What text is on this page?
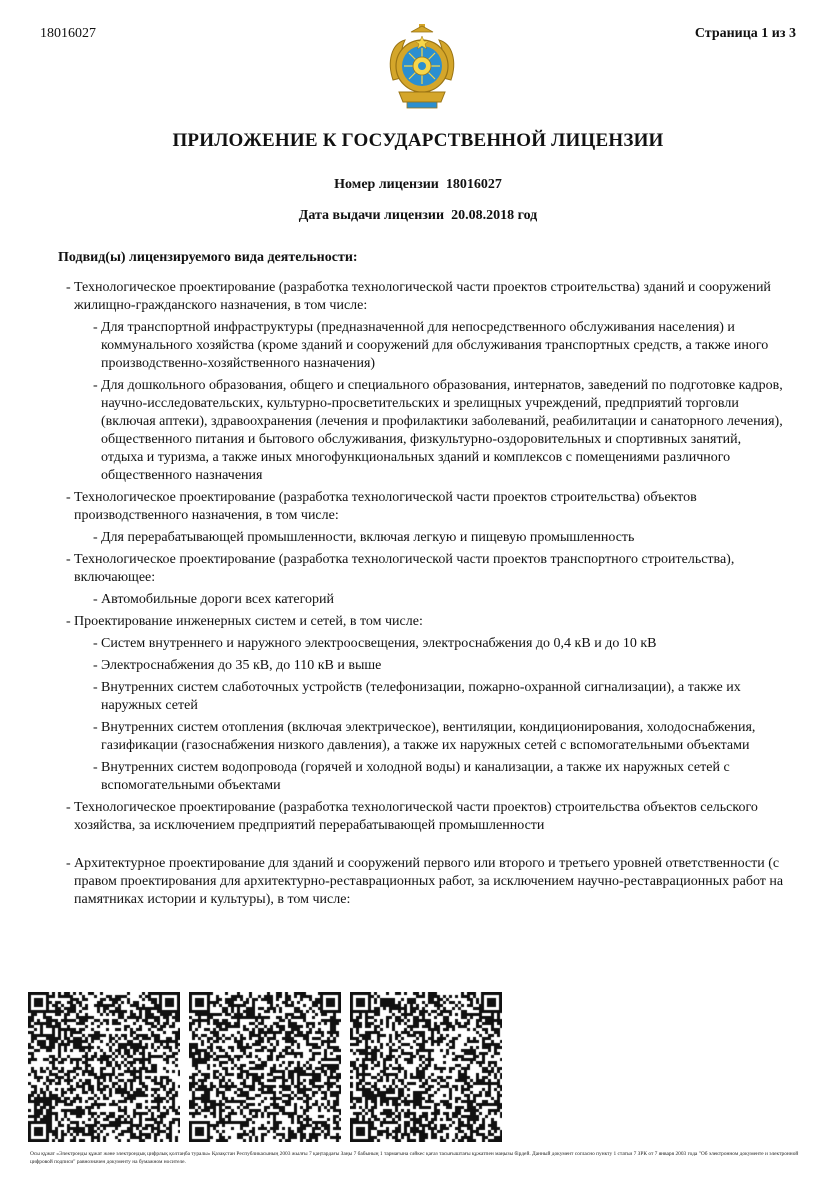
18016027	Страница 1 из 3
ПРИЛОЖЕНИЕ К ГОСУДАРСТВЕННОЙ ЛИЦЕНЗИИ
Номер лицензии 18016027
Дата выдачи лицензии 20.08.2018 год
Подвид(ы) лицензируемого вида деятельности:
- Технологическое проектирование (разработка технологической части проектов строительства) зданий и сооружений жилищно-гражданского назначения, в том числе:
- Для транспортной инфраструктуры (предназначенной для непосредственного обслуживания населения) и коммунального хозяйства (кроме зданий и сооружений для обслуживания транспортных средств, а также иного производственно-хозяйственного назначения)
- Для дошкольного образования, общего и специального образования, интернатов, заведений по подготовке кадров, научно-исследовательских, культурно-просветительских и зрелищных учреждений, предприятий торговли (включая аптеки), здравоохранения (лечения и профилактики заболеваний, реабилитации и санаторного лечения), общественного питания и бытового обслуживания, физкультурно-оздоровительных и спортивных занятий, отдыха и туризма, а также иных многофункциональных зданий и комплексов с помещениями различного общественного назначения
- Технологическое проектирование (разработка технологической части проектов строительства) объектов производственного назначения, в том числе:
- Для перерабатывающей промышленности, включая легкую и пищевую промышленность
- Технологическое проектирование (разработка технологической части проектов транспортного строительства), включающее:
- Автомобильные дороги всех категорий
- Проектирование инженерных систем и сетей, в том числе:
- Систем внутреннего и наружного электроосвещения, электроснабжения до 0,4 кВ и до 10 кВ
- Электроснабжения до 35 кВ, до 110 кВ и выше
- Внутренних систем слаботочных устройств (телефонизации, пожарно-охранной сигнализации), а также их наружных сетей
- Внутренних систем отопления (включая электрическое), вентиляции, кондиционирования, холодоснабжения, газификации (газоснабжения низкого давления), а также их наружных сетей с вспомогательными объектами
- Внутренних систем водопровода (горячей и холодной воды) и канализации, а также их наружных сетей с вспомогательными объектами
- Технологическое проектирование (разработка технологической части проектов) строительства объектов сельского хозяйства, за исключением предприятий перерабатывающей промышленности
- Архитектурное проектирование для зданий и сооружений первого или второго и третьего уровней ответственности (с правом проектирования для архитектурно-реставрационных работ, за исключением научно-реставрационных работ на памятниках истории и культуры), в том числе:
Осы құжат «Электронды құжат және электрондық цифрлық қолтаңба туралы» Қазақстан Республикасының 2003 жылғы 7 қаңтардағы Заңы 7 бабының 1 тармағына сәйкес қағаз тасығыштағы құжатпен маңызы бірдей. Данный документ согласно пункту 1 статьи 7 ЗРК от 7 января 2003 года "Об электронном документе и электронной цифровой подписи" равнозначен документу на бумажном носителе.
